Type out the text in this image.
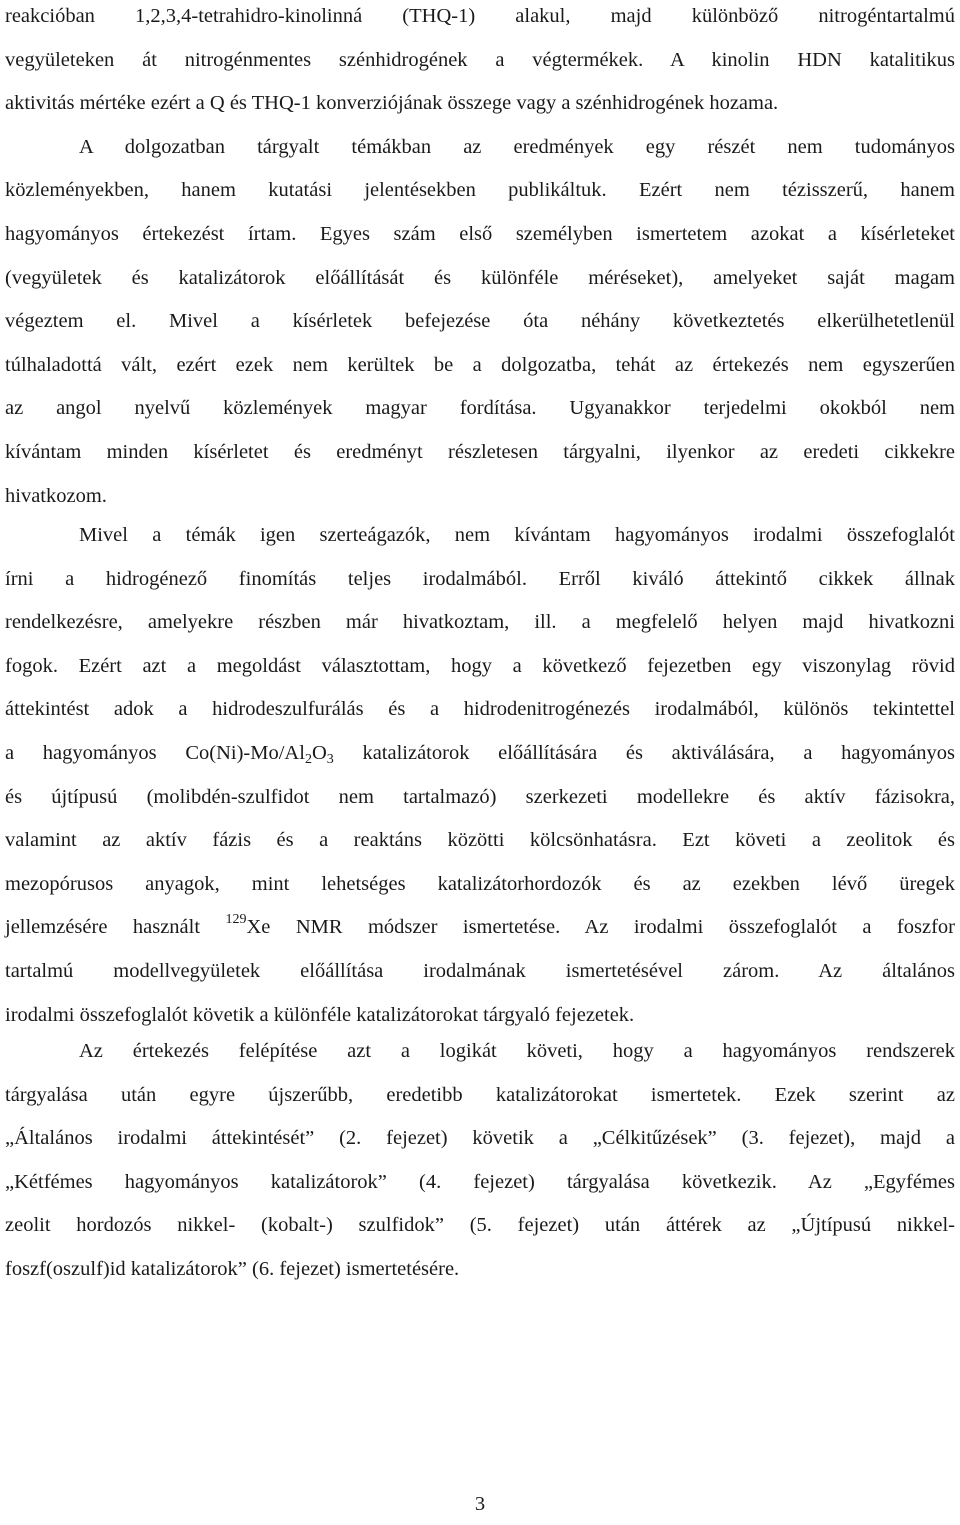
reakcióban 1,2,3,4-tetrahidro-kinolinná (THQ-1) alakul, majd különböző nitrogéntartalmú
vegyületeken át nitrogénmentes szénhidrogének a végtermékek. A kinolin HDN katalitikus
aktivitás mértéke ezért a Q és THQ-1 konverziójának összege vagy a szénhidrogének hozama.
A dolgozatban tárgyalt témákban az eredmények egy részét nem tudományos
közleményekben, hanem kutatási jelentésekben publikáltuk. Ezért nem tézisszerű, hanem
hagyományos értekezést írtam. Egyes szám első személyben ismertetem azokat a kísérleteket
(vegyületek és katalizátorok előállítását és különféle méréseket), amelyeket saját magam
végeztem el. Mivel a kísérletek befejezése óta néhány következtetés elkerülhetetlenül
túlhaladottá vált, ezért ezek nem kerültek be a dolgozatba, tehát az értekezés nem egyszerűen
az angol nyelvű közlemények magyar fordítása. Ugyanakkor terjedelmi okokból nem
kívántam minden kísérletet és eredményt részletesen tárgyalni, ilyenkor az eredeti cikkekre
hivatkozom.
Mivel a témák igen szerteágazók, nem kívántam hagyományos irodalmi összefoglalót
írni a hidrogénező finomítás teljes irodalmából. Erről kiváló áttekintő cikkek állnak
rendelkezésre, amelyekre részben már hivatkoztam, ill. a megfelelő helyen majd hivatkozni
fogok. Ezért azt a megoldást választottam, hogy a következő fejezetben egy viszonylag rövid
áttekintést adok a hidrodeszulfurálás és a hidrodenitrogénezés irodalmából, különös tekintettel
a hagyományos $Co(Ni)-Mo/Al_2O_3$ katalizátorok előállítására és aktiválására, a hagyományos
és újtípusú (molibdén-szulfidot nem tartalmazó) szerkezeti modellekre és aktív fázisokra,
valamint az aktív fázis és a reaktáns közötti kölcsönhatásra. Ezt követi a zeolitok és
mezopórusos anyagok, mint lehetséges katalizátorhordozók és az ezekben lévő üregek
jellemzésére használt $^{129}$Xe NMR módszer ismertetése. Az irodalmi összefoglalót a foszfor
tartalmú modellvegyületek előállítása irodalmának ismertetésével zárom. Az általános
irodalmi összefoglalót követik a különféle katalizátorokat tárgyaló fejezetek.
Az értekezés felépítése azt a logikát követi, hogy a hagyományos rendszerek
tárgyalása után egyre újszerűbb, eredetibb katalizátorokat ismertetek. Ezek szerint az
„Általános irodalmi áttekintését” (2. fejezet) követik a „Célkitűzések” (3. fejezet), majd a
„Kétfémes hagyományos katalizátorok” (4. fejezet) tárgyalása következik. Az „Egyfémes
zeolit hordozós nikkel- (kobalt-) szulfidok” (5. fejezet) után áttérek az „Újtípusú nikkel-
foszf(oszulf)id katalizátorok” (6. fejezet) ismertetésére.
3
